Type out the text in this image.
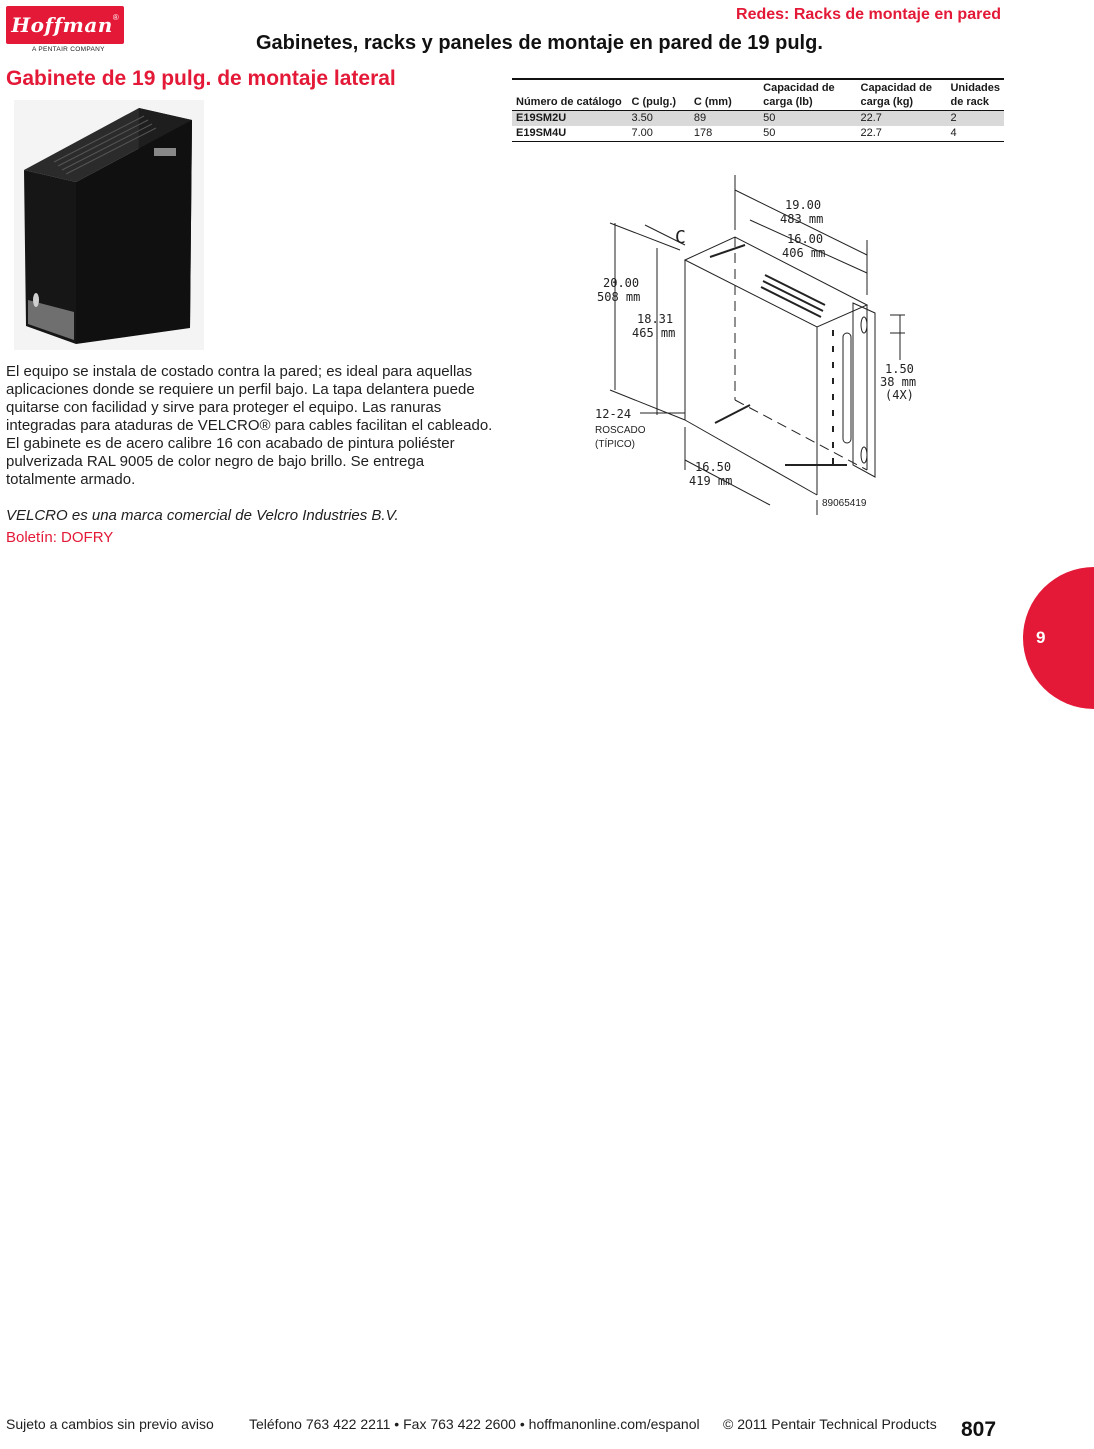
Hoffman ®
A PENTAIR COMPANY
Redes: Racks de montaje en pared
Gabinetes, racks y paneles de montaje en pared de 19 pulg.
Gabinete de 19 pulg. de montaje lateral
Número de catálogo	C (pulg.)	C (mm)	Capacidad de carga (lb)	Capacidad de carga (kg)	Unidades de rack
E19SM2U	3.50	89	50	22.7	2
E19SM4U	7.00	178	50	22.7	4
19.00
483 mm
16.00
406 mm
C
20.00
508 mm
18.31
465 mm
1.50
38 mm
(4X)
12-24
ROSCADO
(TÍPICO)
16.50
419 mm
89065419
El equipo se instala de costado contra la pared; es ideal para aquellas aplicaciones donde se requiere un perfil bajo. La tapa delantera puede quitarse con facilidad y sirve para proteger el equipo. Las ranuras integradas para ataduras de VELCRO® para cables facilitan el cableado. El gabinete es de acero calibre 16 con acabado de pintura poliéster pulverizada RAL 9005 de color negro de bajo brillo. Se entrega totalmente armado.
VELCRO es una marca comercial de Velcro Industries B.V.
Boletín: DOFRY
9
Sujeto a cambios sin previo aviso	Teléfono 763 422 2211 • Fax 763 422 2600 • hoffmanonline.com/espanol © 2011 Pentair Technical Products 807
